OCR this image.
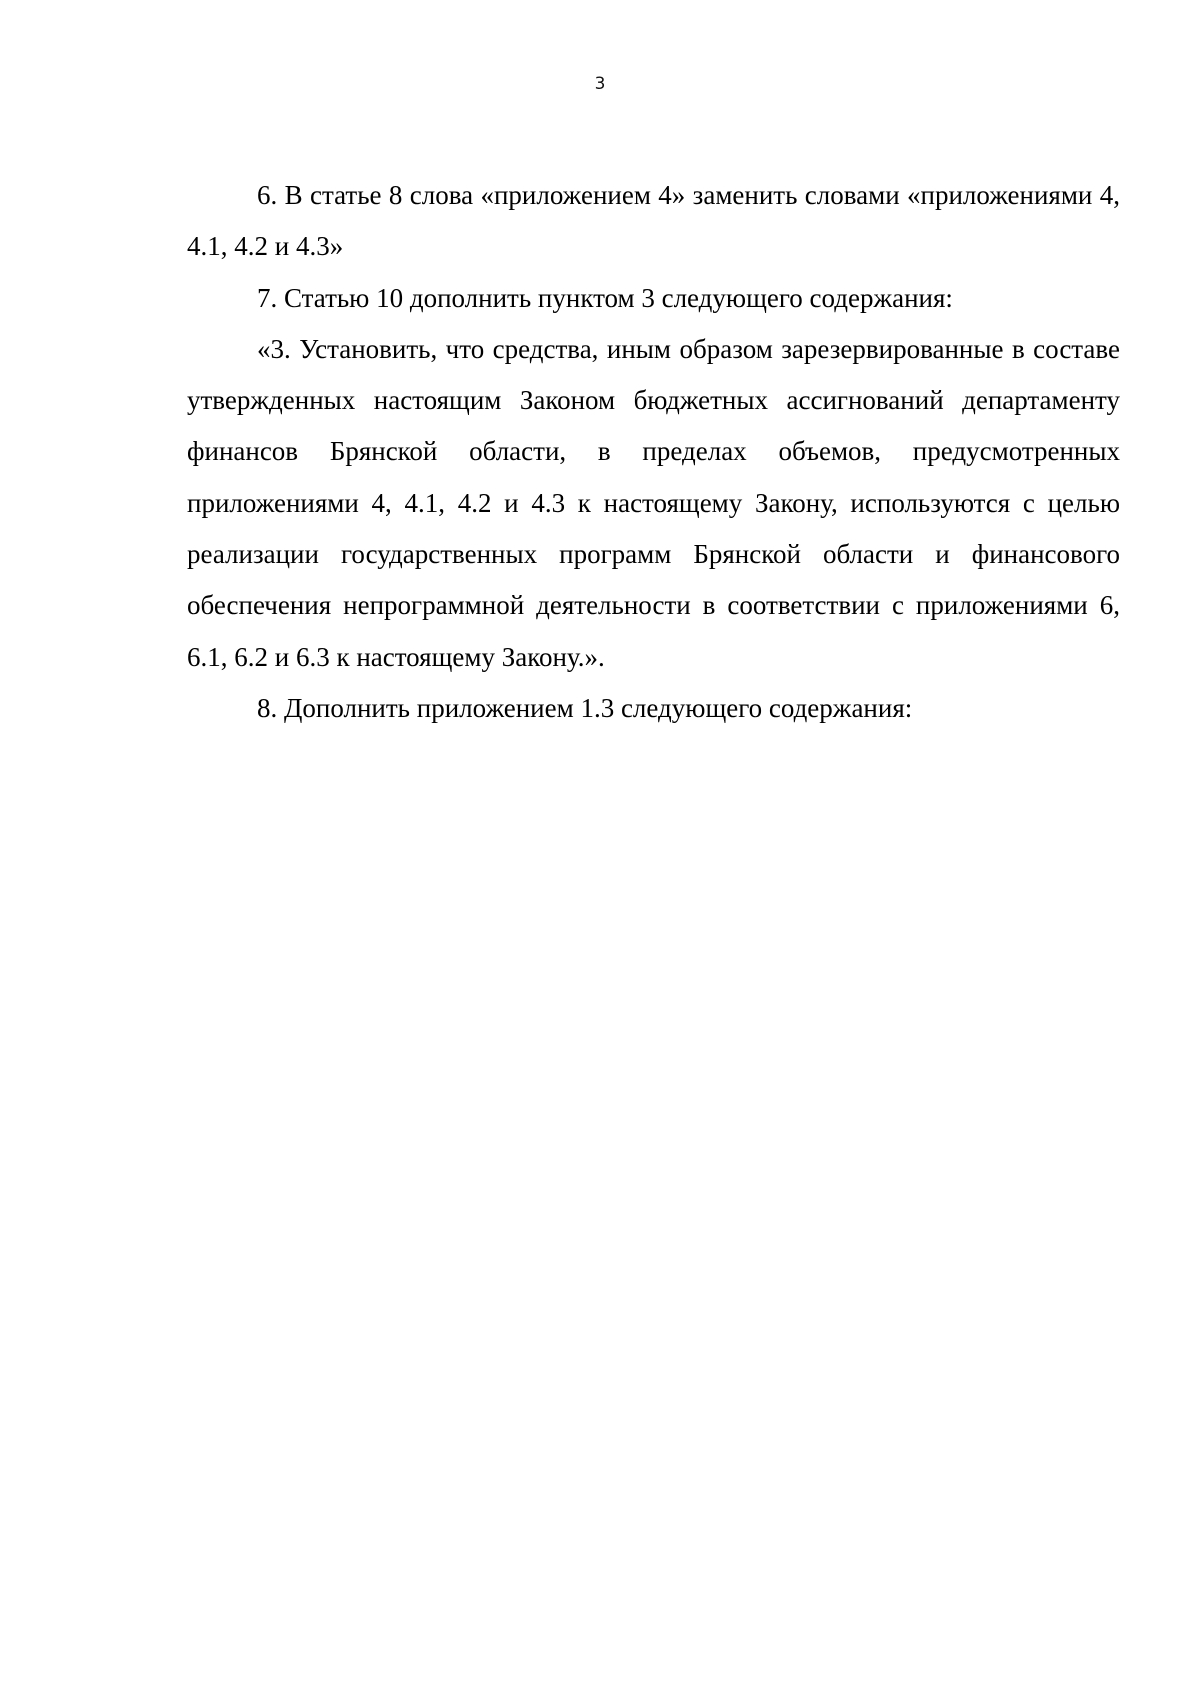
3

6. В статье 8 слова «приложением 4» заменить словами «приложениями 4, 4.1, 4.2 и 4.3»

7. Статью 10 дополнить пунктом 3 следующего содержания:

«3. Установить, что средства, иным образом зарезервированные в составе утвержденных настоящим Законом бюджетных ассигнований департаменту финансов Брянской области, в пределах объемов, предусмотренных приложениями 4, 4.1, 4.2 и 4.3 к настоящему Закону, используются с целью реализации государственных программ Брянской области и финансового обеспечения непрограммной деятельности в соответствии с приложениями 6, 6.1, 6.2 и 6.3 к настоящему Закону.».

8. Дополнить приложением 1.3 следующего содержания:
